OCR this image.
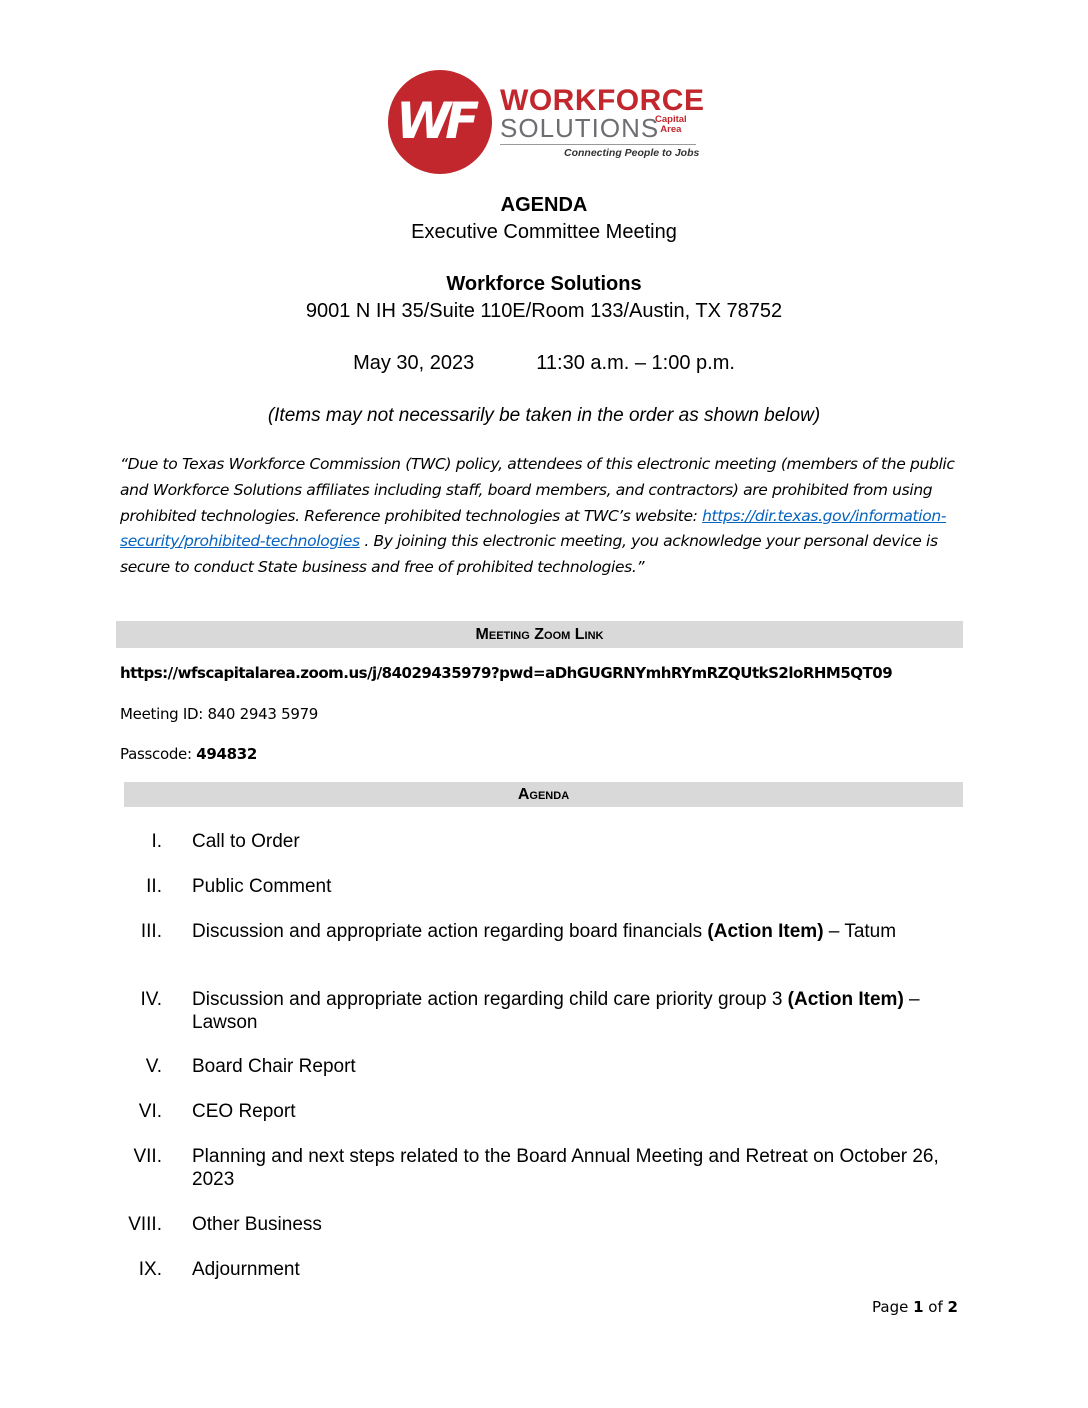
WF WORKFORCE
SOLUTIONS
Capital
Area
Connecting People to Jobs
AGENDA
Executive Committee Meeting
Workforce Solutions
9001 N IH 35/Suite 110E/Room 133/Austin, TX 78752
May 30, 2023	11:30 a.m. – 1:00 p.m.
(Items may not necessarily be taken in the order as shown below)
“Due to Texas Workforce Commission (TWC) policy, attendees of this electronic meeting (members of the public and Workforce Solutions affiliates including staff, board members, and contractors) are prohibited from using prohibited technologies. Reference prohibited technologies at TWC’s website: https://dir.texas.gov/information-security/prohibited-technologies . By joining this electronic meeting, you acknowledge your personal device is secure to conduct State business and free of prohibited technologies.”
Meeting Zoom Link
https://wfscapitalarea.zoom.us/j/84029435979?pwd=aDhGUGRNYmhRYmRZQUtkS2loRHM5QT09
Meeting ID: 840 2943 5979
Passcode: 494832
Agenda
I. Call to Order
II. Public Comment
III. Discussion and appropriate action regarding board financials (Action Item) – Tatum
IV. Discussion and appropriate action regarding child care priority group 3 (Action Item) – Lawson
V. Board Chair Report
VI. CEO Report
VII. Planning and next steps related to the Board Annual Meeting and Retreat on October 26, 2023
VIII. Other Business
IX. Adjournment
Page 1 of 2
